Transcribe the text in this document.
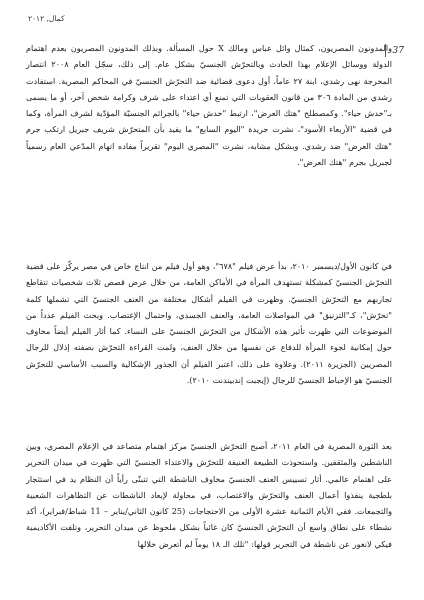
كمال, ٢٠١٢
37

والمدونون المصريون، كمثال وائل عباس ومالك X حول المسألة. وبذلك المدونون المصريون بعدم اهتمام الدولة ووسائل الإعلام بهذا الحادث وبالتحرّش الجنسيّ بشكل عام. إلى ذلك، سجّل العام ٢٠٠٨ انتصار المخرجة نهى رشدي، ابنة ٢٧ عاماً، أول دعوى قضائية ضد التحرّش الجنسيّ في المحاكم المصرية. استفادت رشدي من المادة ٣٠٦ من قانون العقوبات التي تمنع أي اعتداء على شرف وكرامة شخص آخر، أو ما يسمى بـ"خدش حياء". وكمصطلح "هتك العرض"، ارتبط "خدش حياء" بالجرائم الجنسيّة المؤدّية لشرف المرأة، وكما في قضية "الأربعاء الأسود"، نشرت جريدة "اليوم السابع" ما يفيد بأن المتحرّش شريف جبريل ارتكب جرم "هتك العرض" ضد رشدي. وبشكل مشابه، نشرت "المصري اليوم" تقريراً مفاده اتهام المدّعي العام رسمياً لجبريل بجرم "هتك العرض".

في كانون الأول/ديسمبر ٢٠١٠، بدأ عرض فيلم "٦٧٨"، وهو أول فيلم من انتاج خاص في مصر يركّز على قضية التحرّش الجنسيّ كمشكلة تستهدف المرأة في الأماكن العامة، من خلال عرض قصص ثلاث شخصيات تتقاطع تجاربهم مع التحرّش الجنسيّ. وظهرت في الفيلم أشكال مختلفة من العنف الجنسيّ التي تشملها كلمة "تحرّش"، كـ"التزنيق" في المواصلات العامة، والعنف الجسدي، واحتمال الإغتصاب. وبحث الفيلم عدداً من الموضوعات التي ظهرت تأثير هذه الأشكال من التحرّش الجنسيّ على النساء. كما أثار الفيلم أيضاً مخاوف حول إمكانية لجوء المرأة للدفاع عن نفسها من خلال العنف، ولمت القراءة التحرّش بصفته إذلال للرجال المصريين (الجزيرة ٢٠١١). وعلاوة على ذلك، اعتبر الفيلم أن الجذور الإشكالية والسبب الأساسي للتحرّش الجنسيّ هو الإحباط الجنسيّ للرجال (إيجبت إندبيندنت ٢٠١٠).

بعد الثورة المصرية في العام ٢٠١١، أصبح التحرّش الجنسيّ مركز اهتمام متصاعد في الإعلام المصري، وبين الناشطين والمثقفين. واستحوذت الطبيعة العنيفة للتحرّش والاعتداء الجنسيّ التي ظهرت في ميدان التحرير على اهتمام عالمي. أثار تسييس العنف الجنسيّ مخاوف الناشطة التي تتبنّى رأياً أن النظام يد في استثجار بلطجية ينفذوا أعمال العنف والتحرّش والاغتصاب، في محاولة لإبعاد الناشطات عن التظاهرات الشعبية والتجمعات. ففي الأيام الثمانية عشرة الأولى من الاحتجاجات (25 كانون الثاني/يناير – 11 شباط/فبراير)، أكد نشطاء على نطاق واسع أن التحرّش الجنسيّ كان غائباً بشكل ملحوظ عن ميدان التحرير، وتلفت الأكاديمية فيكي لانغور عن ناشطة في التحرير قولها: "تلك الـ ١٨ يوماً لم أتعرض خلالها
